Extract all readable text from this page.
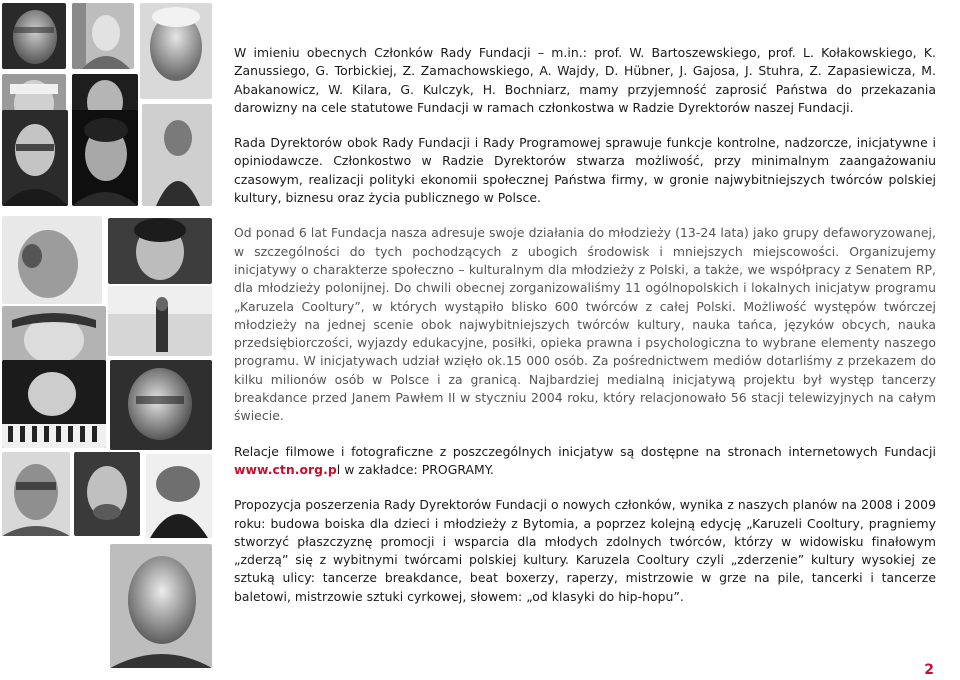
W imieniu obecnych Członków Rady Fundacji – m.in.: prof. W. Bartoszewskiego, prof. L. Kołakowskiego, K. Zanussiego, G. Torbickiej, Z. Zamachowskiego, A. Wajdy, D. Hübner, J. Gajosa, J. Stuhra, Z. Zapasiewicza, M. Abakanowicz, W. Kilara, G. Kulczyk, H. Bochniarz, mamy przyjemność zaprosić Państwa do przekazania darowizny na cele statutowe Fundacji w ramach członkostwa w Radzie Dyrektorów naszej Fundacji.

Rada Dyrektorów obok Rady Fundacji i Rady Programowej sprawuje funkcje kontrolne, nadzorcze, inicjatywne i opiniodawcze. Członkostwo w Radzie Dyrektorów stwarza możliwość, przy minimalnym zaangażowaniu czasowym, realizacji polityki ekonomii społecznej Państwa firmy, w gronie najwybitniejszych twórców polskiej kultury, biznesu oraz życia publicznego w Polsce.

Od ponad 6 lat Fundacja nasza adresuje swoje działania do młodzieży (13-24 lata) jako grupy defaworyzowanej, w szczególności do tych pochodzących z ubogich środowisk i mniejszych miejscowości. Organizujemy inicjatywy o charakterze społeczno – kulturalnym dla młodzieży z Polski, a także, we współpracy z Senatem RP, dla młodzieży polonijnej. Do chwili obecnej zorganizowaliśmy 11 ogólnopolskich i lokalnych inicjatyw programu „Karuzela Cooltury”, w których wystąpiło blisko 600 twórców z całej Polski. Możliwość występów twórczej młodzieży na jednej scenie obok najwybitniejszych twórców kultury, nauka tańca, języków obcych, nauka przedsiębiorczości, wyjazdy edukacyjne, posiłki, opieka prawna i psychologiczna to wybrane elementy naszego programu. W inicjatywach udział wzięło ok.15 000 osób. Za pośrednictwem mediów dotarliśmy z przekazem do kilku milionów osób w Polsce i za granicą. Najbardziej medialną inicjatywą projektu był występ tancerzy breakdance przed Janem Pawłem II w styczniu 2004 roku, który relacjonowało 56 stacji telewizyjnych na całym świecie.

Relacje filmowe i fotograficzne z poszczególnych inicjatyw są dostępne na stronach internetowych Fundacji www.ctn.org.pl w zakładce: PROGRAMY.

Propozycja poszerzenia Rady Dyrektorów Fundacji o nowych członków, wynika z naszych planów na 2008 i 2009 roku: budowa boiska dla dzieci i młodzieży z Bytomia, a poprzez kolejną edycję „Karuzeli Cooltury, pragniemy stworzyć płaszczyznę promocji i wsparcia dla młodych zdolnych twórców, którzy w widowisku finałowym „zderzą” się z wybitnymi twórcami polskiej kultury. Karuzela Cooltury czyli „zderzenie” kultury wysokiej ze sztuką ulicy: tancerze breakdance, beat boxerzy, raperzy, mistrzowie w grze na pile, tancerki i tancerze baletowi, mistrzowie sztuki cyrkowej, słowem: „od klasyki do hip-hopu”.

2
